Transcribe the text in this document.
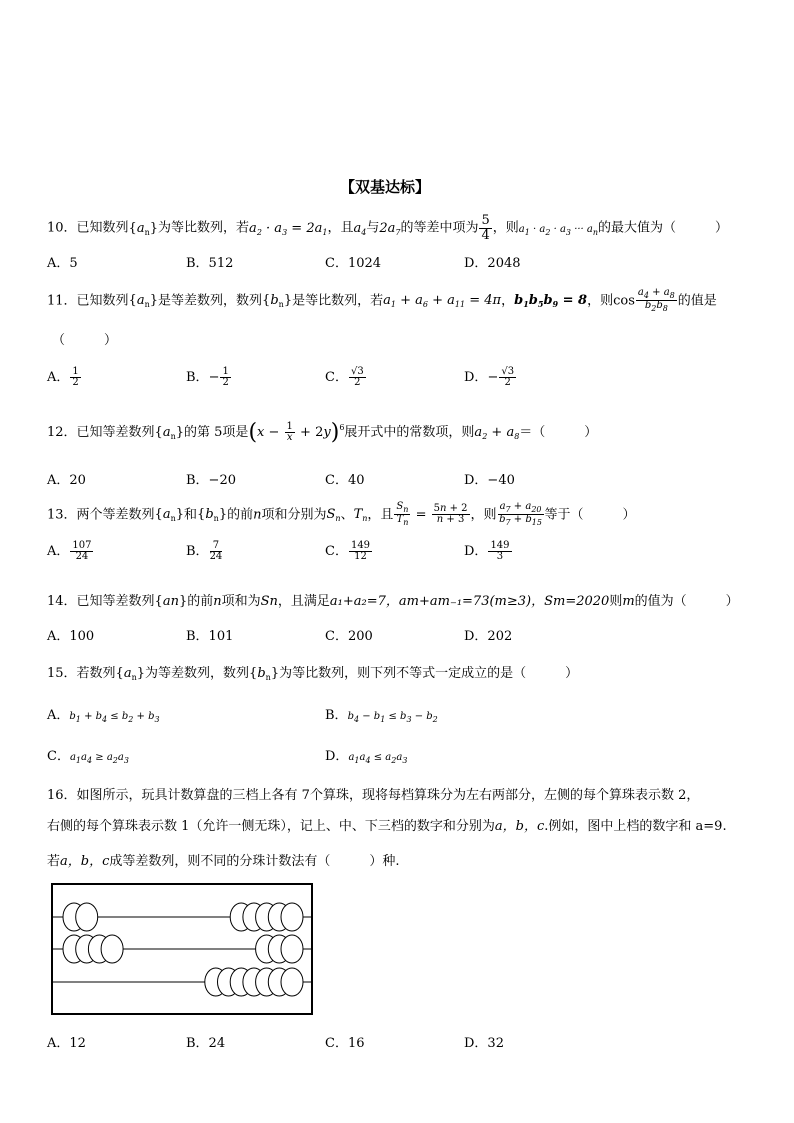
【双基达标】
10．已知数列$\{a_n\}$为等比数列，若$a_2 \cdot a_3 = 2a_1$，且$a_4$与$2a_7$的等差中项为 $\frac{5}{4}$ ，则$a_1 \cdot a_2 \cdot a_3$ ··· $a_n$的最大值为（　　　）
A．5	B．512	C．1024	D．2048
11．已知数列$\{a_n\}$是等差数列，数列$\{b_n\}$是等比数列，若$a_1 + a_6 + a_{11} = 4\pi$，$b_1b_5b_9 = 8$，则$\cos \frac{a_4 + a_8}{b_2b_8}$ 的值是
（　　　）
A． $\frac{1}{2}$	B．− $\frac{1}{2}$	C． $\frac{√3}{2}$	D．− $\frac{√3}{2}$
12．已知等差数列$\{a_n\}$的第 5项是$(x - \frac{1}{x} + 2y)^6$展开式中的常数项，则$a_2 + a_8=$（　　　）
A．20	B．−20	C．40	D．−40
13．两个等差数列$\{a_n\}$和$\{b_n\}$的前n项和分别为$S_n$、$T_n$，且 $\frac{S_n}{T_n} = \frac{5n + 2}{n + 3}$ ，则 $\frac{a_7 + a_{20}}{b_7 + b_{15}}$ 等于（　　　）
A． $\frac{107}{24}$	B． $\frac{7}{24}$	C． $\frac{149}{12}$	D． $\frac{149}{3}$
14．已知等差数列{an}的前n项和为Sn，且满足a₁+a₂=7，am+am₋₁=73(m≥3)，Sm=2020则m的值为（　　　）
A．100	B．101	C．200	D．202
15．若数列$\{a_n\}$为等差数列，数列$\{b_n\}$为等比数列，则下列不等式一定成立的是（　　　）
A．$b_1 + b_4 \le b_2 + b_3$	B．$b_4 - b_1 \le b_3 - b_2$
C．$a_1a_4 \ge a_2a_3$	D．$a_1a_4 \le a_2a_3$
16．如图所示，玩具计数算盘的三档上各有 7个算珠，现将每档算珠分为左右两部分，左侧的每个算珠表示数 2，
右侧的每个算珠表示数 1（允许一侧无珠），记上、中、下三档的数字和分别为a，b，c.例如，图中上档的数字和 a=9.
若a，b，c成等差数列，则不同的分珠计数法有（　　　）种.
A．12	B．24	C．16	D．32
